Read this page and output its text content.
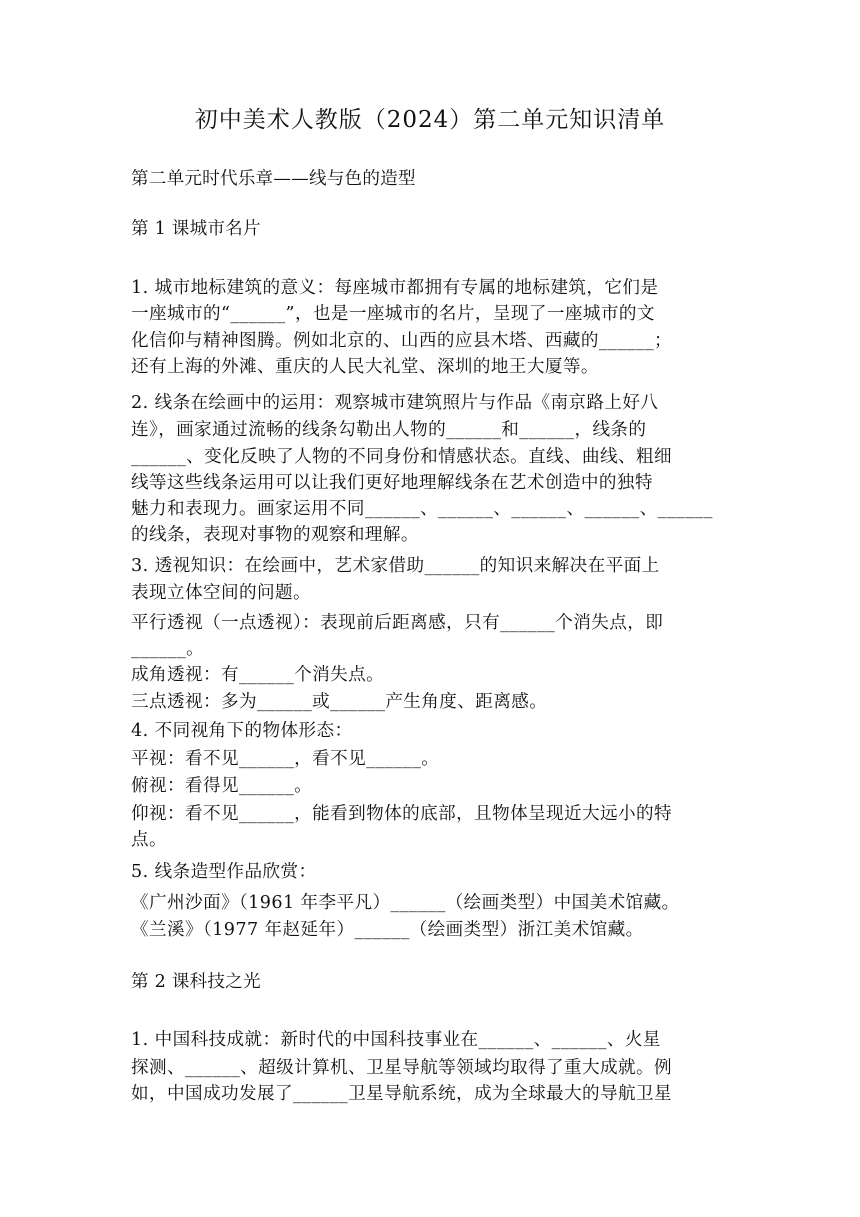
初中美术人教版（2024）第二单元知识清单
第二单元时代乐章——线与色的造型
第 1 课城市名片
1. 城市地标建筑的意义：每座城市都拥有专属的地标建筑，它们是
一座城市的“______”，也是一座城市的名片，呈现了一座城市的文
化信仰与精神图腾。例如北京的、山西的应县木塔、西藏的______；
还有上海的外滩、重庆的人民大礼堂、深圳的地王大厦等。
2. 线条在绘画中的运用：观察城市建筑照片与作品《南京路上好八
连》，画家通过流畅的线条勾勒出人物的______和______，线条的
______、变化反映了人物的不同身份和情感状态。直线、曲线、粗细
线等这些线条运用可以让我们更好地理解线条在艺术创造中的独特
魅力和表现力。画家运用不同______、______、______、______、______
的线条，表现对事物的观察和理解。
3. 透视知识：在绘画中，艺术家借助______的知识来解决在平面上
表现立体空间的问题。
平行透视（一点透视）：表现前后距离感，只有______个消失点，即
______。
成角透视：有______个消失点。
三点透视：多为______或______产生角度、距离感。
4. 不同视角下的物体形态：
平视：看不见______，看不见______。
俯视：看得见______。
仰视：看不见______，能看到物体的底部，且物体呈现近大远小的特
点。
5. 线条造型作品欣赏：
《广州沙面》（1961 年李平凡）______（绘画类型）中国美术馆藏。
《兰溪》（1977 年赵延年）______（绘画类型）浙江美术馆藏。
第 2 课科技之光
1. 中国科技成就：新时代的中国科技事业在______、______、火星
探测、______、超级计算机、卫星导航等领域均取得了重大成就。例
如，中国成功发展了______卫星导航系统，成为全球最大的导航卫星
